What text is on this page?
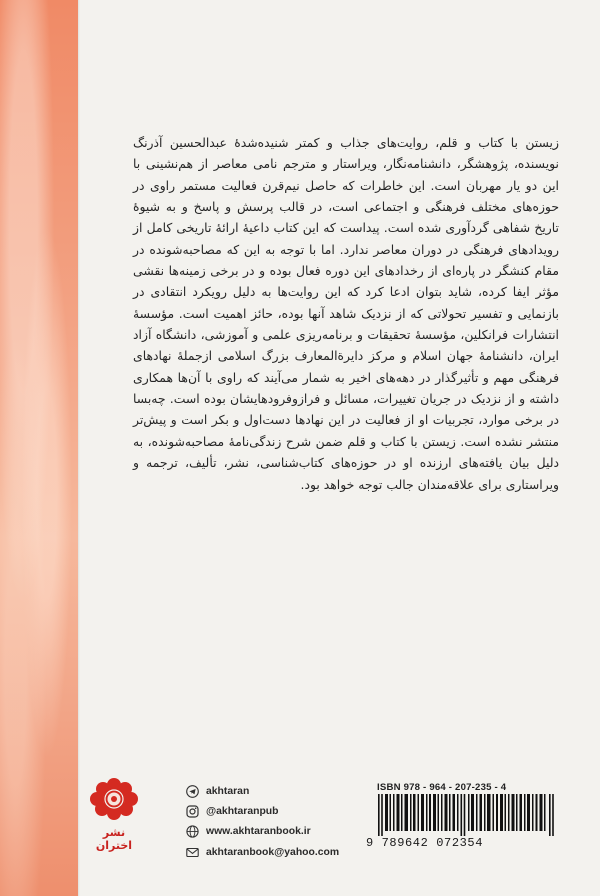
زیستن با کتاب و قلم، روایت‌های جذاب و کمتر شنیده‌شدهٔ عبدالحسین آذرنگ نویسنده، پژوهشگر، دانشنامه‌نگار، ویراستار و مترجم نامی معاصر از هم‌نشینی با این دو یار مهربان است. این خاطرات که حاصل نیم‌قرن فعالیت مستمر راوی در حوزه‌های مختلف فرهنگی و اجتماعی است، در قالب پرسش و پاسخ و به شیوهٔ تاریخ شفاهی گردآوری شده است. پیداست که این کتاب داعیهٔ ارائهٔ تاریخی کامل از رویدادهای فرهنگی در دوران معاصر ندارد. اما با توجه به این که مصاحبه‌شونده در مقام کنشگر در پاره‌ای از رخدادهای این دوره فعال بوده و در برخی زمینه‌ها نقشی مؤثر ایفا کرده، شاید بتوان ادعا کرد که این روایت‌ها به دلیل رویکرد انتقادی در بازنمایی و تفسیر تحولاتی که از نزدیک شاهد آنها بوده، حائز اهمیت است. مؤسسهٔ انتشارات فرانکلین، مؤسسهٔ تحقیقات و برنامه‌ریزی علمی و آموزشی، دانشگاه آزاد ایران، دانشنامهٔ جهان اسلام و مرکز دایرةالمعارف بزرگ اسلامی ازجملهٔ نهادهای فرهنگی مهم و تأثیرگذار در دهه‌های اخیر به شمار می‌آیند که راوی با آن‌ها همکاری داشته و از نزدیک در جریان تغییرات، مسائل و فرازوفرودهایشان بوده است. چه‌بسا در برخی موارد، تجربیات او از فعالیت در این نهادها دست‌اول و بکر است و پیش‌تر منتشر نشده است. زیستن با کتاب و قلم ضمن شرح زندگی‌نامهٔ مصاحبه‌شونده، به دلیل بیان یافته‌های ارزنده او در حوزه‌های کتاب‌شناسی، نشر، تألیف، ترجمه و ویراستاری برای علاقه‌مندان جالب توجه خواهد بود.

نشر اختران
akhtaran
@akhtaranpub
www.akhtaranbook.ir
akhtaranbook@yahoo.com
ISBN 978 - 964 - 207-235 - 4
9 789642 072354
